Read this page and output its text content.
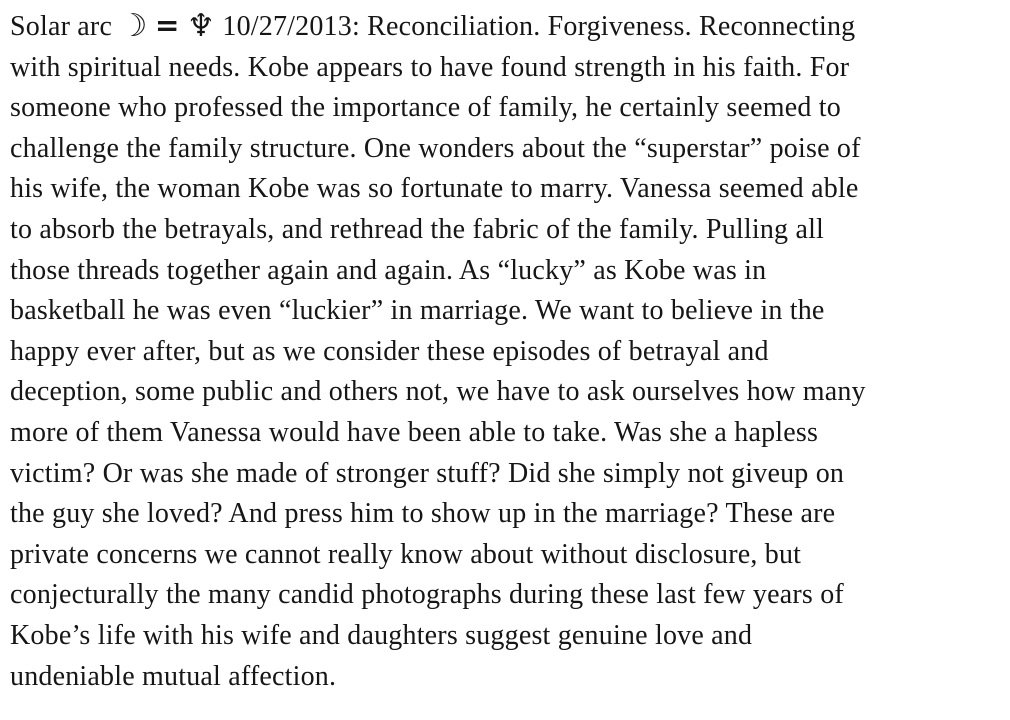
Solar arc ☽ = ♆ 10/27/2013: Reconciliation. Forgiveness. Reconnecting
with spiritual needs. Kobe appears to have found strength in his faith. For
someone who professed the importance of family, he certainly seemed to
challenge the family structure. One wonders about the “superstar” poise of
his wife, the woman Kobe was so fortunate to marry. Vanessa seemed able
to absorb the betrayals, and rethread the fabric of the family. Pulling all
those threads together again and again. As “lucky” as Kobe was in
basketball he was even “luckier” in marriage. We want to believe in the
happy ever after, but as we consider these episodes of betrayal and
deception, some public and others not, we have to ask ourselves how many
more of them Vanessa would have been able to take. Was she a hapless
victim? Or was she made of stronger stuff? Did she simply not giveup on
the guy she loved? And press him to show up in the marriage? These are
private concerns we cannot really know about without disclosure, but
conjecturally the many candid photographs during these last few years of
Kobe’s life with his wife and daughters suggest genuine love and
undeniable mutual affection.
